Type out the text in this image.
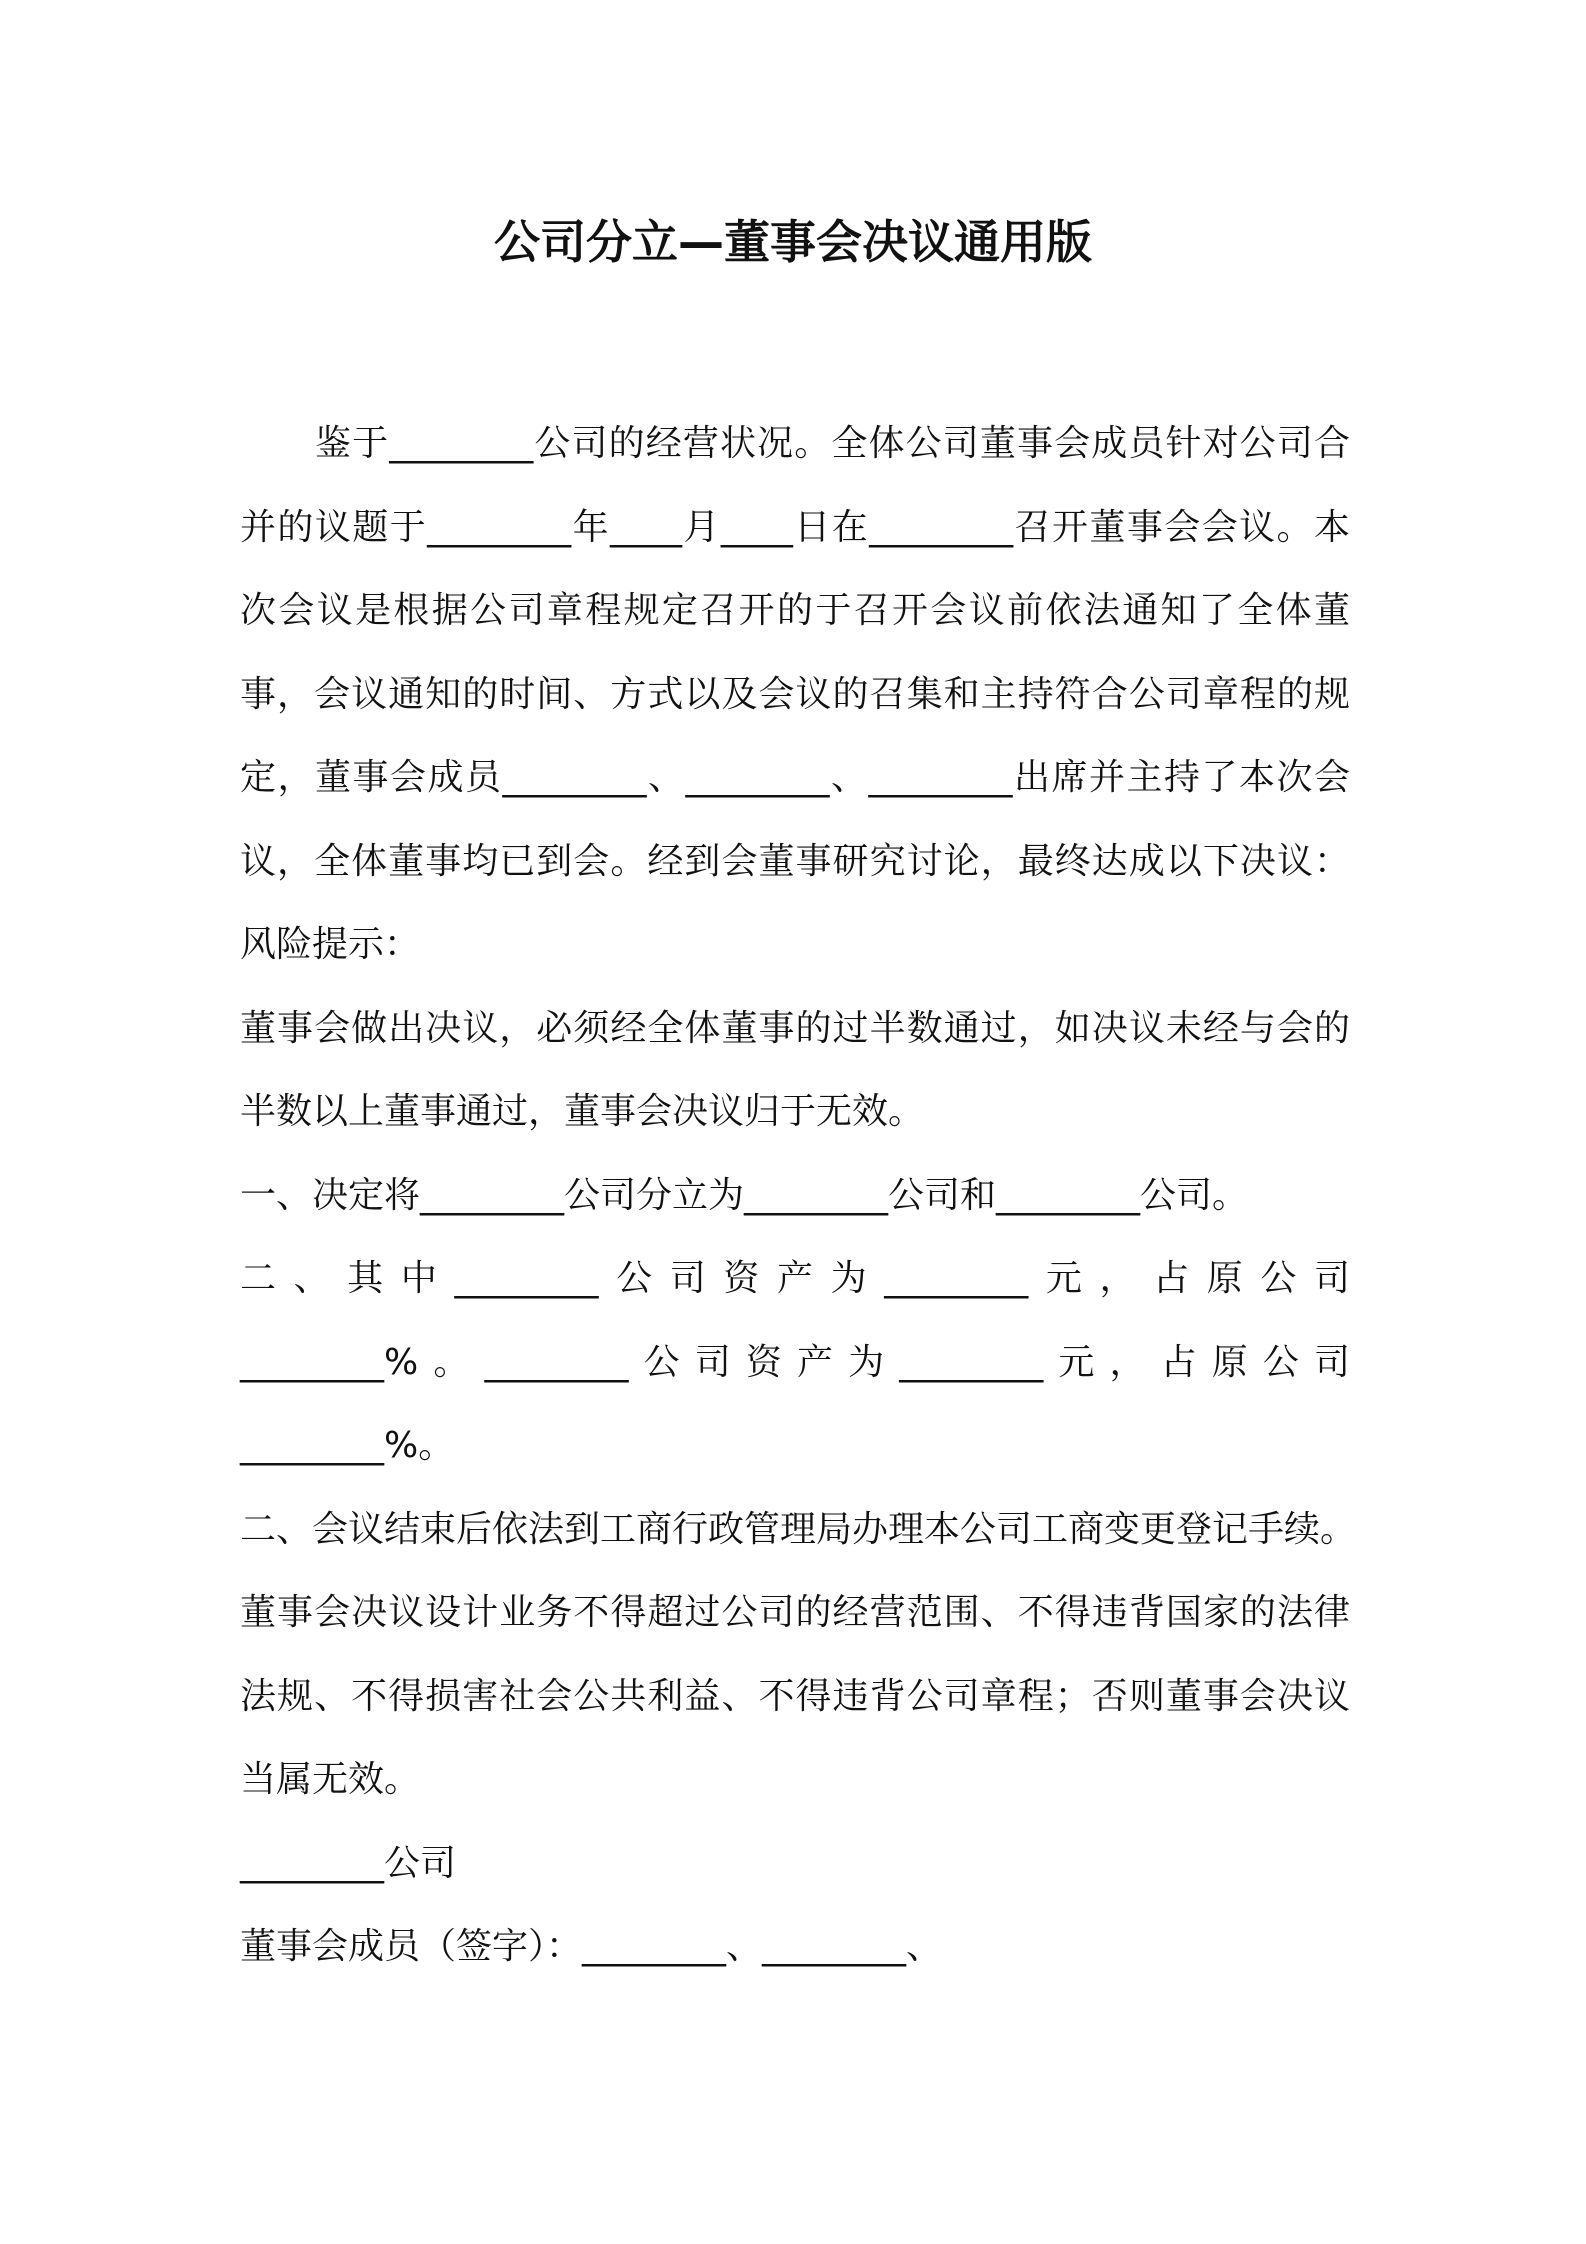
公司分立—董事会决议通用版

鉴于________公司的经营状况。全体公司董事会成员针对公司合并的议题于________年____月____日在________召开董事会会议。本次会议是根据公司章程规定召开的于召开会议前依法通知了全体董事，会议通知的时间、方式以及会议的召集和主持符合公司章程的规定，董事会成员________、________、________出席并主持了本次会议，全体董事均已到会。经到会董事研究讨论，最终达成以下决议：风险提示：

董事会做出决议，必须经全体董事的过半数通过，如决议未经与会的半数以上董事通过，董事会决议归于无效。

一、决定将________公司分立为________公司和________公司。

二、其中________公司资产为________元，占原公司

________%。________公司资产为________元，占原公司

________%。

二、会议结束后依法到工商行政管理局办理本公司工商变更登记手续。

董事会决议设计业务不得超过公司的经营范围、不得违背国家的法律法规、不得损害社会公共利益、不得违背公司章程；否则董事会决议当属无效。

________公司

董事会成员（签字）：________、________、
